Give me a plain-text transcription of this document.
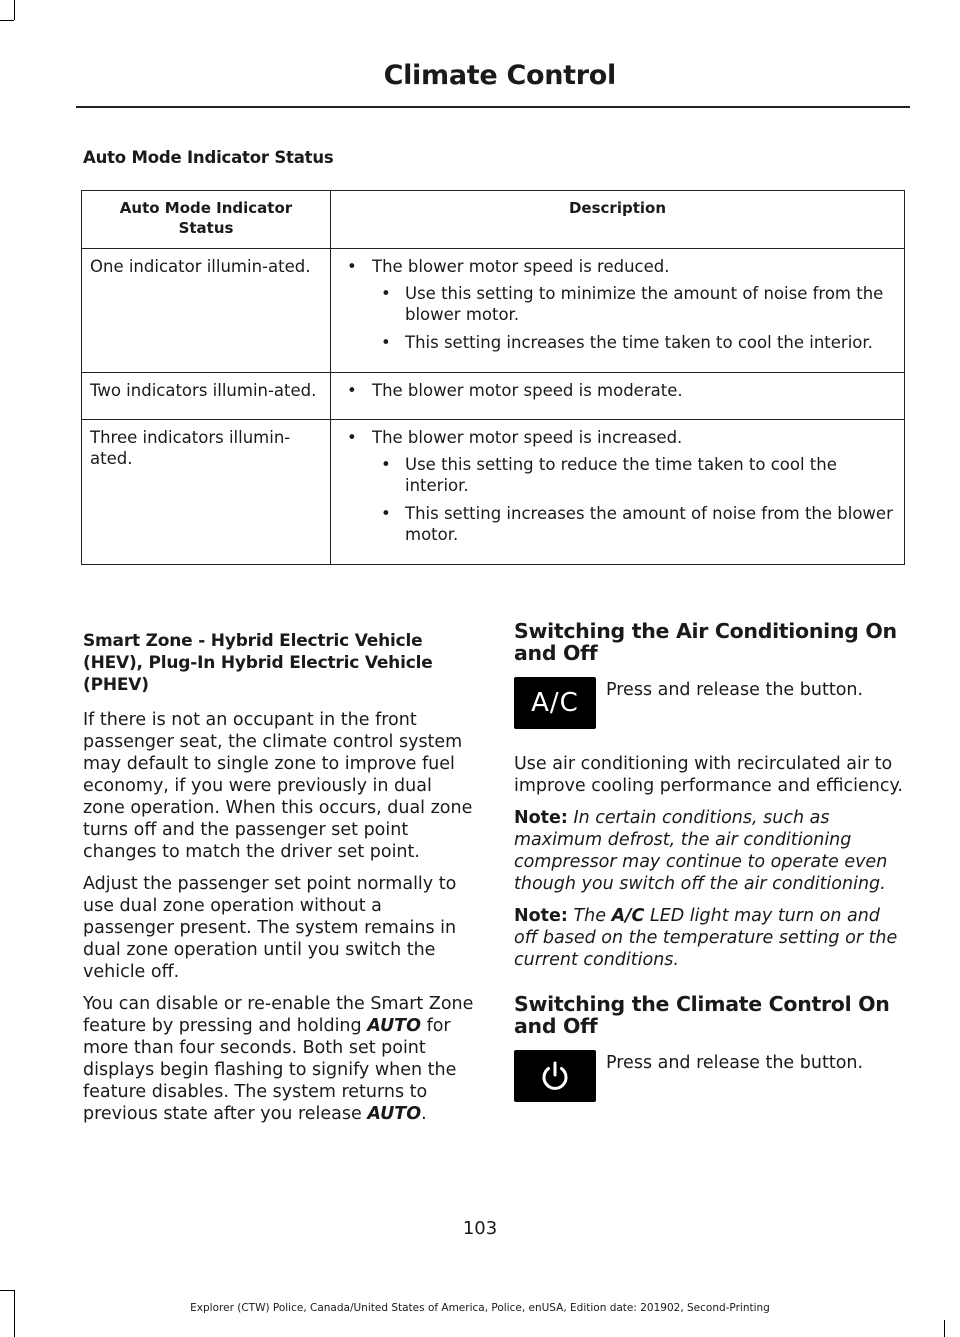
Climate Control
Auto Mode Indicator Status
Auto Mode Indicator Status	Description
One indicator illumin-ated.	• The blower motor speed is reduced.
• Use this setting to minimize the amount of noise from the blower motor.
• This setting increases the time taken to cool the interior.

Two indicators illumin-ated.	• The blower motor speed is moderate.

Three indicators illumin-ated.	• The blower motor speed is increased.
• Use this setting to reduce the time taken to cool the interior.
• This setting increases the amount of noise from the blower motor.
Smart Zone - Hybrid Electric Vehicle (HEV), Plug-In Hybrid Electric Vehicle (PHEV)

If there is not an occupant in the front passenger seat, the climate control system may default to single zone to improve fuel economy, if you were previously in dual zone operation. When this occurs, dual zone turns off and the passenger set point changes to match the driver set point.

Adjust the passenger set point normally to use dual zone operation without a passenger present. The system remains in dual zone operation until you switch the vehicle off.

You can disable or re-enable the Smart Zone feature by pressing and holding AUTO for more than four seconds. Both set point displays begin flashing to signify when the feature disables. The system returns to previous state after you release AUTO.

Switching the Air Conditioning On and Off
A/C Press and release the button.

Use air conditioning with recirculated air to improve cooling performance and efficiency.

Note: In certain conditions, such as maximum defrost, the air conditioning compressor may continue to operate even though you switch off the air conditioning.

Note: The A/C LED light may turn on and off based on the temperature setting or the current conditions.

Switching the Climate Control On and Off
Press and release the button.
103
Explorer (CTW) Police, Canada/United States of America, Police, enUSA, Edition date: 201902, Second-Printing
